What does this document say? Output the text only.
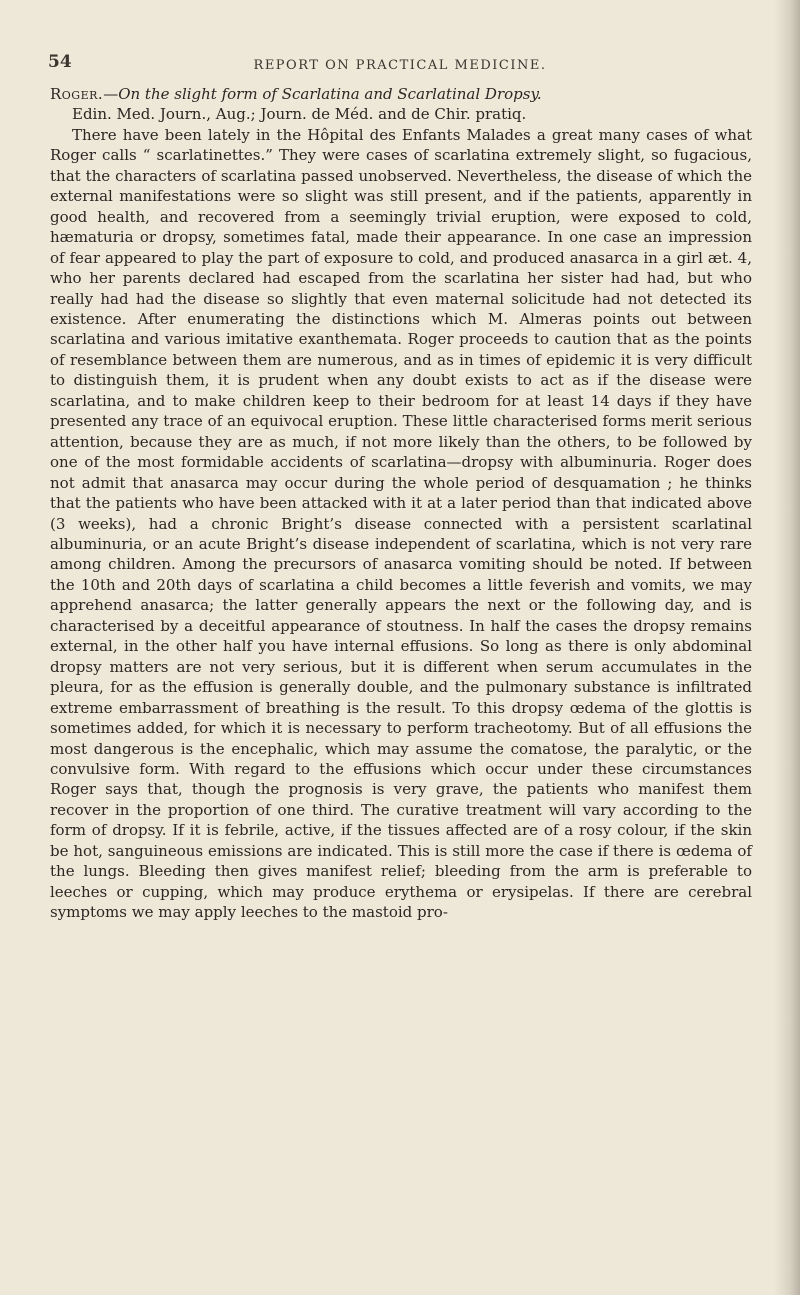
54	REPORT ON PRACTICAL MEDICINE.

Roger.—On the slight form of Scarlatina and Scarlatinal Dropsy.

Edin. Med. Journ., Aug.; Journ. de Méd. and de Chir. pratiq.

There have been lately in the Hôpital des Enfants Malades a great many cases of what Roger calls “ scarlatinettes.” They were cases of scarlatina extremely slight, so fugacious, that the characters of scarlatina passed unobserved. Nevertheless, the disease of which the external manifestations were so slight was still present, and if the patients, apparently in good health, and recovered from a seemingly trivial eruption, were exposed to cold, hæmaturia or dropsy, sometimes fatal, made their appearance. In one case an impression of fear appeared to play the part of exposure to cold, and produced anasarca in a girl æt. 4, who her parents declared had escaped from the scarlatina her sister had had, but who really had had the disease so slightly that even maternal solicitude had not detected its existence. After enumerating the distinctions which M. Almeras points out between scarlatina and various imitative exanthemata. Roger proceeds to caution that as the points of resemblance between them are numerous, and as in times of epidemic it is very difficult to distinguish them, it is prudent when any doubt exists to act as if the disease were scarlatina, and to make children keep to their bedroom for at least 14 days if they have presented any trace of an equivocal eruption. These little characterised forms merit serious attention, because they are as much, if not more likely than the others, to be followed by one of the most formidable accidents of scarlatina—dropsy with albuminuria. Roger does not admit that anasarca may occur during the whole period of desquamation ; he thinks that the patients who have been attacked with it at a later period than that indicated above (3 weeks), had a chronic Bright’s disease connected with a persistent scarlatinal albuminuria, or an acute Bright’s disease independent of scarlatina, which is not very rare among children. Among the precursors of anasarca vomiting should be noted. If between the 10th and 20th days of scarlatina a child becomes a little feverish and vomits, we may apprehend anasarca; the latter generally appears the next or the following day, and is characterised by a deceitful appearance of stoutness. In half the cases the dropsy remains external, in the other half you have internal effusions. So long as there is only abdominal dropsy matters are not very serious, but it is different when serum accumulates in the pleura, for as the effusion is generally double, and the pulmonary substance is infiltrated extreme embarrassment of breathing is the result. To this dropsy œdema of the glottis is sometimes added, for which it is necessary to perform tracheotomy. But of all effusions the most dangerous is the encephalic, which may assume the comatose, the paralytic, or the convulsive form. With regard to the effusions which occur under these circumstances Roger says that, though the prognosis is very grave, the patients who manifest them recover in the proportion of one third. The curative treatment will vary according to the form of dropsy. If it is febrile, active, if the tissues affected are of a rosy colour, if the skin be hot, sanguineous emissions are indicated. This is still more the case if there is œdema of the lungs. Bleeding then gives manifest relief; bleeding from the arm is preferable to leeches or cupping, which may produce erythema or erysipelas. If there are cerebral symptoms we may apply leeches to the mastoid pro-
